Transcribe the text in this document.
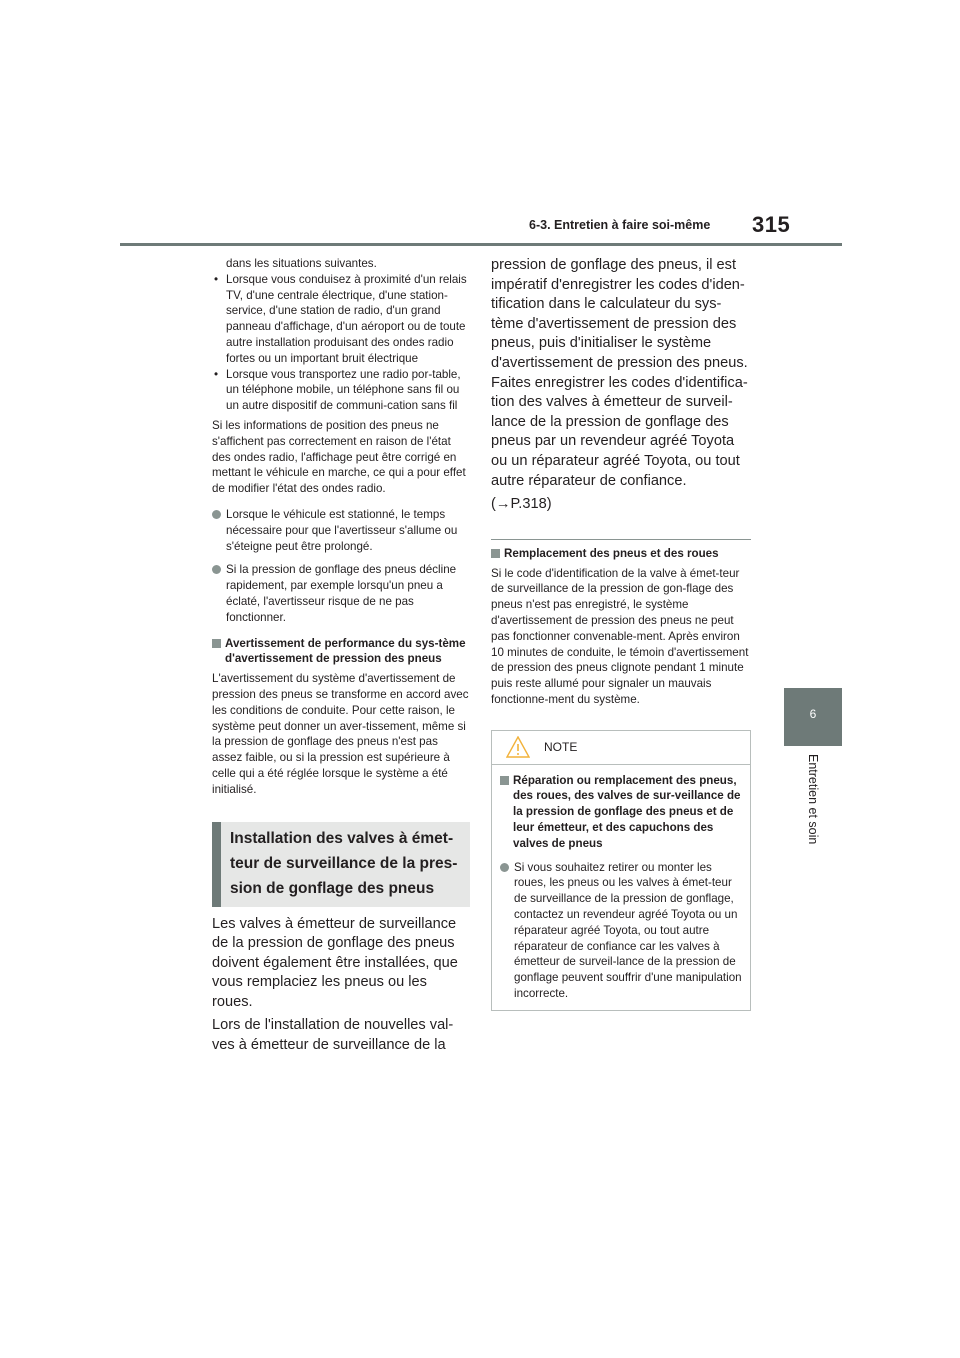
6-3. Entretien à faire soi-même 315
6
Entretien et soin

dans les situations suivantes.

• Lorsque vous conduisez à proximité d'un relais TV, d'une centrale électrique, d'une station-service, d'une station de radio, d'un grand panneau d'affichage, d'un aéroport ou de toute autre installation produisant des ondes radio fortes ou un important bruit électrique

• Lorsque vous transportez une radio por-table, un téléphone mobile, un téléphone sans fil ou un autre dispositif de communi-cation sans fil

Si les informations de position des pneus ne s'affichent pas correctement en raison de l'état des ondes radio, l'affichage peut être corrigé en mettant le véhicule en marche, ce qui a pour effet de modifier l'état des ondes radio.

Lorsque le véhicule est stationné, le temps nécessaire pour que l'avertisseur s'allume ou s'éteigne peut être prolongé.

Si la pression de gonflage des pneus décline rapidement, par exemple lorsqu'un pneu a éclaté, l'avertisseur risque de ne pas fonctionner.

Avertissement de performance du sys-tème d'avertissement de pression des pneus

L'avertissement du système d'avertissement de pression des pneus se transforme en accord avec les conditions de conduite. Pour cette raison, le système peut donner un aver-tissement, même si la pression de gonflage des pneus n'est pas assez faible, ou si la pression est supérieure à celle qui a été réglée lorsque le système a été initialisé.

Installation des valves à émet-teur de surveillance de la pres-sion de gonflage des pneus

Les valves à émetteur de surveillance de la pression de gonflage des pneus doivent également être installées, que vous remplaciez les pneus ou les roues.

Lors de l'installation de nouvelles val-ves à émetteur de surveillance de la

pression de gonflage des pneus, il est impératif d'enregistrer les codes d'iden-tification dans le calculateur du sys-tème d'avertissement de pression des pneus, puis d'initialiser le système d'avertissement de pression des pneus. Faites enregistrer les codes d'identifica-tion des valves à émetteur de surveil-lance de la pression de gonflage des pneus par un revendeur agréé Toyota ou un réparateur agréé Toyota, ou tout autre réparateur de confiance.

(→P.318)

Remplacement des pneus et des roues

Si le code d'identification de la valve à émet-teur de surveillance de la pression de gon-flage des pneus n'est pas enregistré, le système d'avertissement de pression des pneus ne peut pas fonctionner convenable-ment. Après environ 10 minutes de conduite, le témoin d'avertissement de pression des pneus clignote pendant 1 minute puis reste allumé pour signaler un mauvais fonctionne-ment du système.

NOTE

Réparation ou remplacement des pneus, des roues, des valves de sur-veillance de la pression de gonflage des pneus et de leur émetteur, et des capuchons des valves de pneus

Si vous souhaitez retirer ou monter les roues, les pneus ou les valves à émet-teur de surveillance de la pression de gonflage, contactez un revendeur agréé Toyota ou un réparateur agréé Toyota, ou tout autre réparateur de confiance car les valves à émetteur de surveil-lance de la pression de gonflage peuvent souffrir d'une manipulation incorrecte.
